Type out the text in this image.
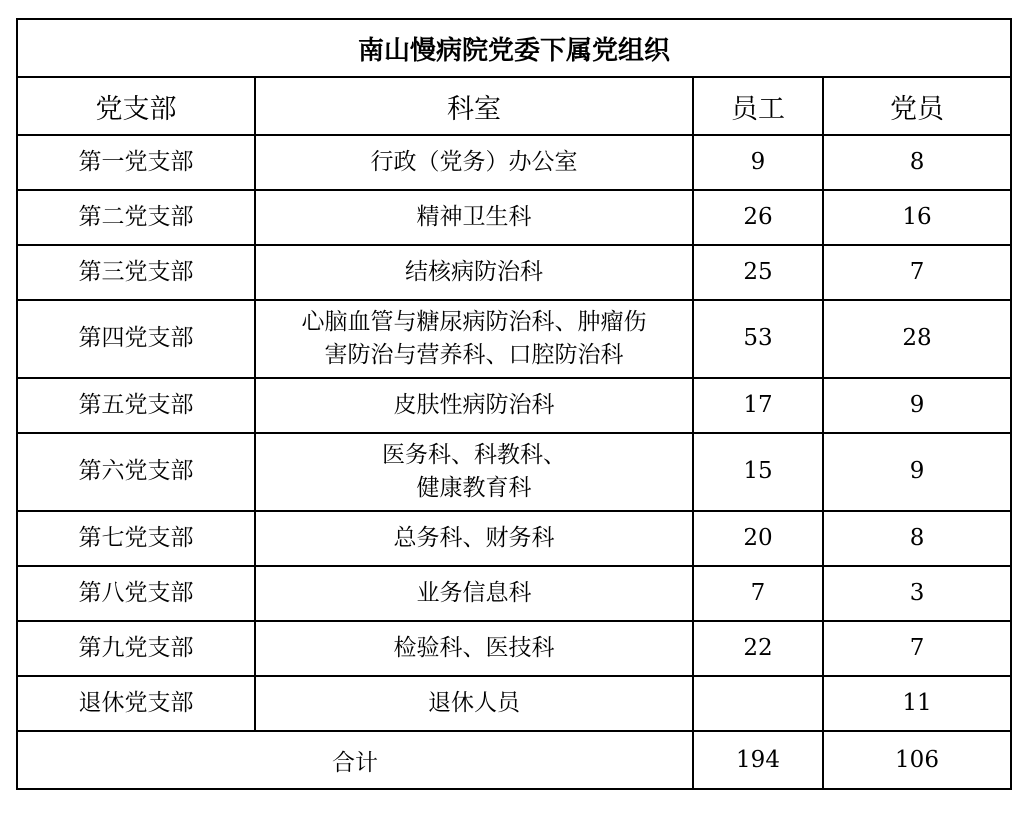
南山慢病院党委下属党组织			
党支部	科室	员工	党员
第一党支部	行政（党务）办公室	9	8
第二党支部	精神卫生科	26	16
第三党支部	结核病防治科	25	7
第四党支部	心脑血管与糖尿病防治科、肿瘤伤
害防治与营养科、口腔防治科	53	28
第五党支部	皮肤性病防治科	17	9
第六党支部	医务科、科教科、
健康教育科	15	9
第七党支部	总务科、财务科	20	8
第八党支部	业务信息科	7	3
第九党支部	检验科、医技科	22	7
退休党支部	退休人员		11
合计		194	106
